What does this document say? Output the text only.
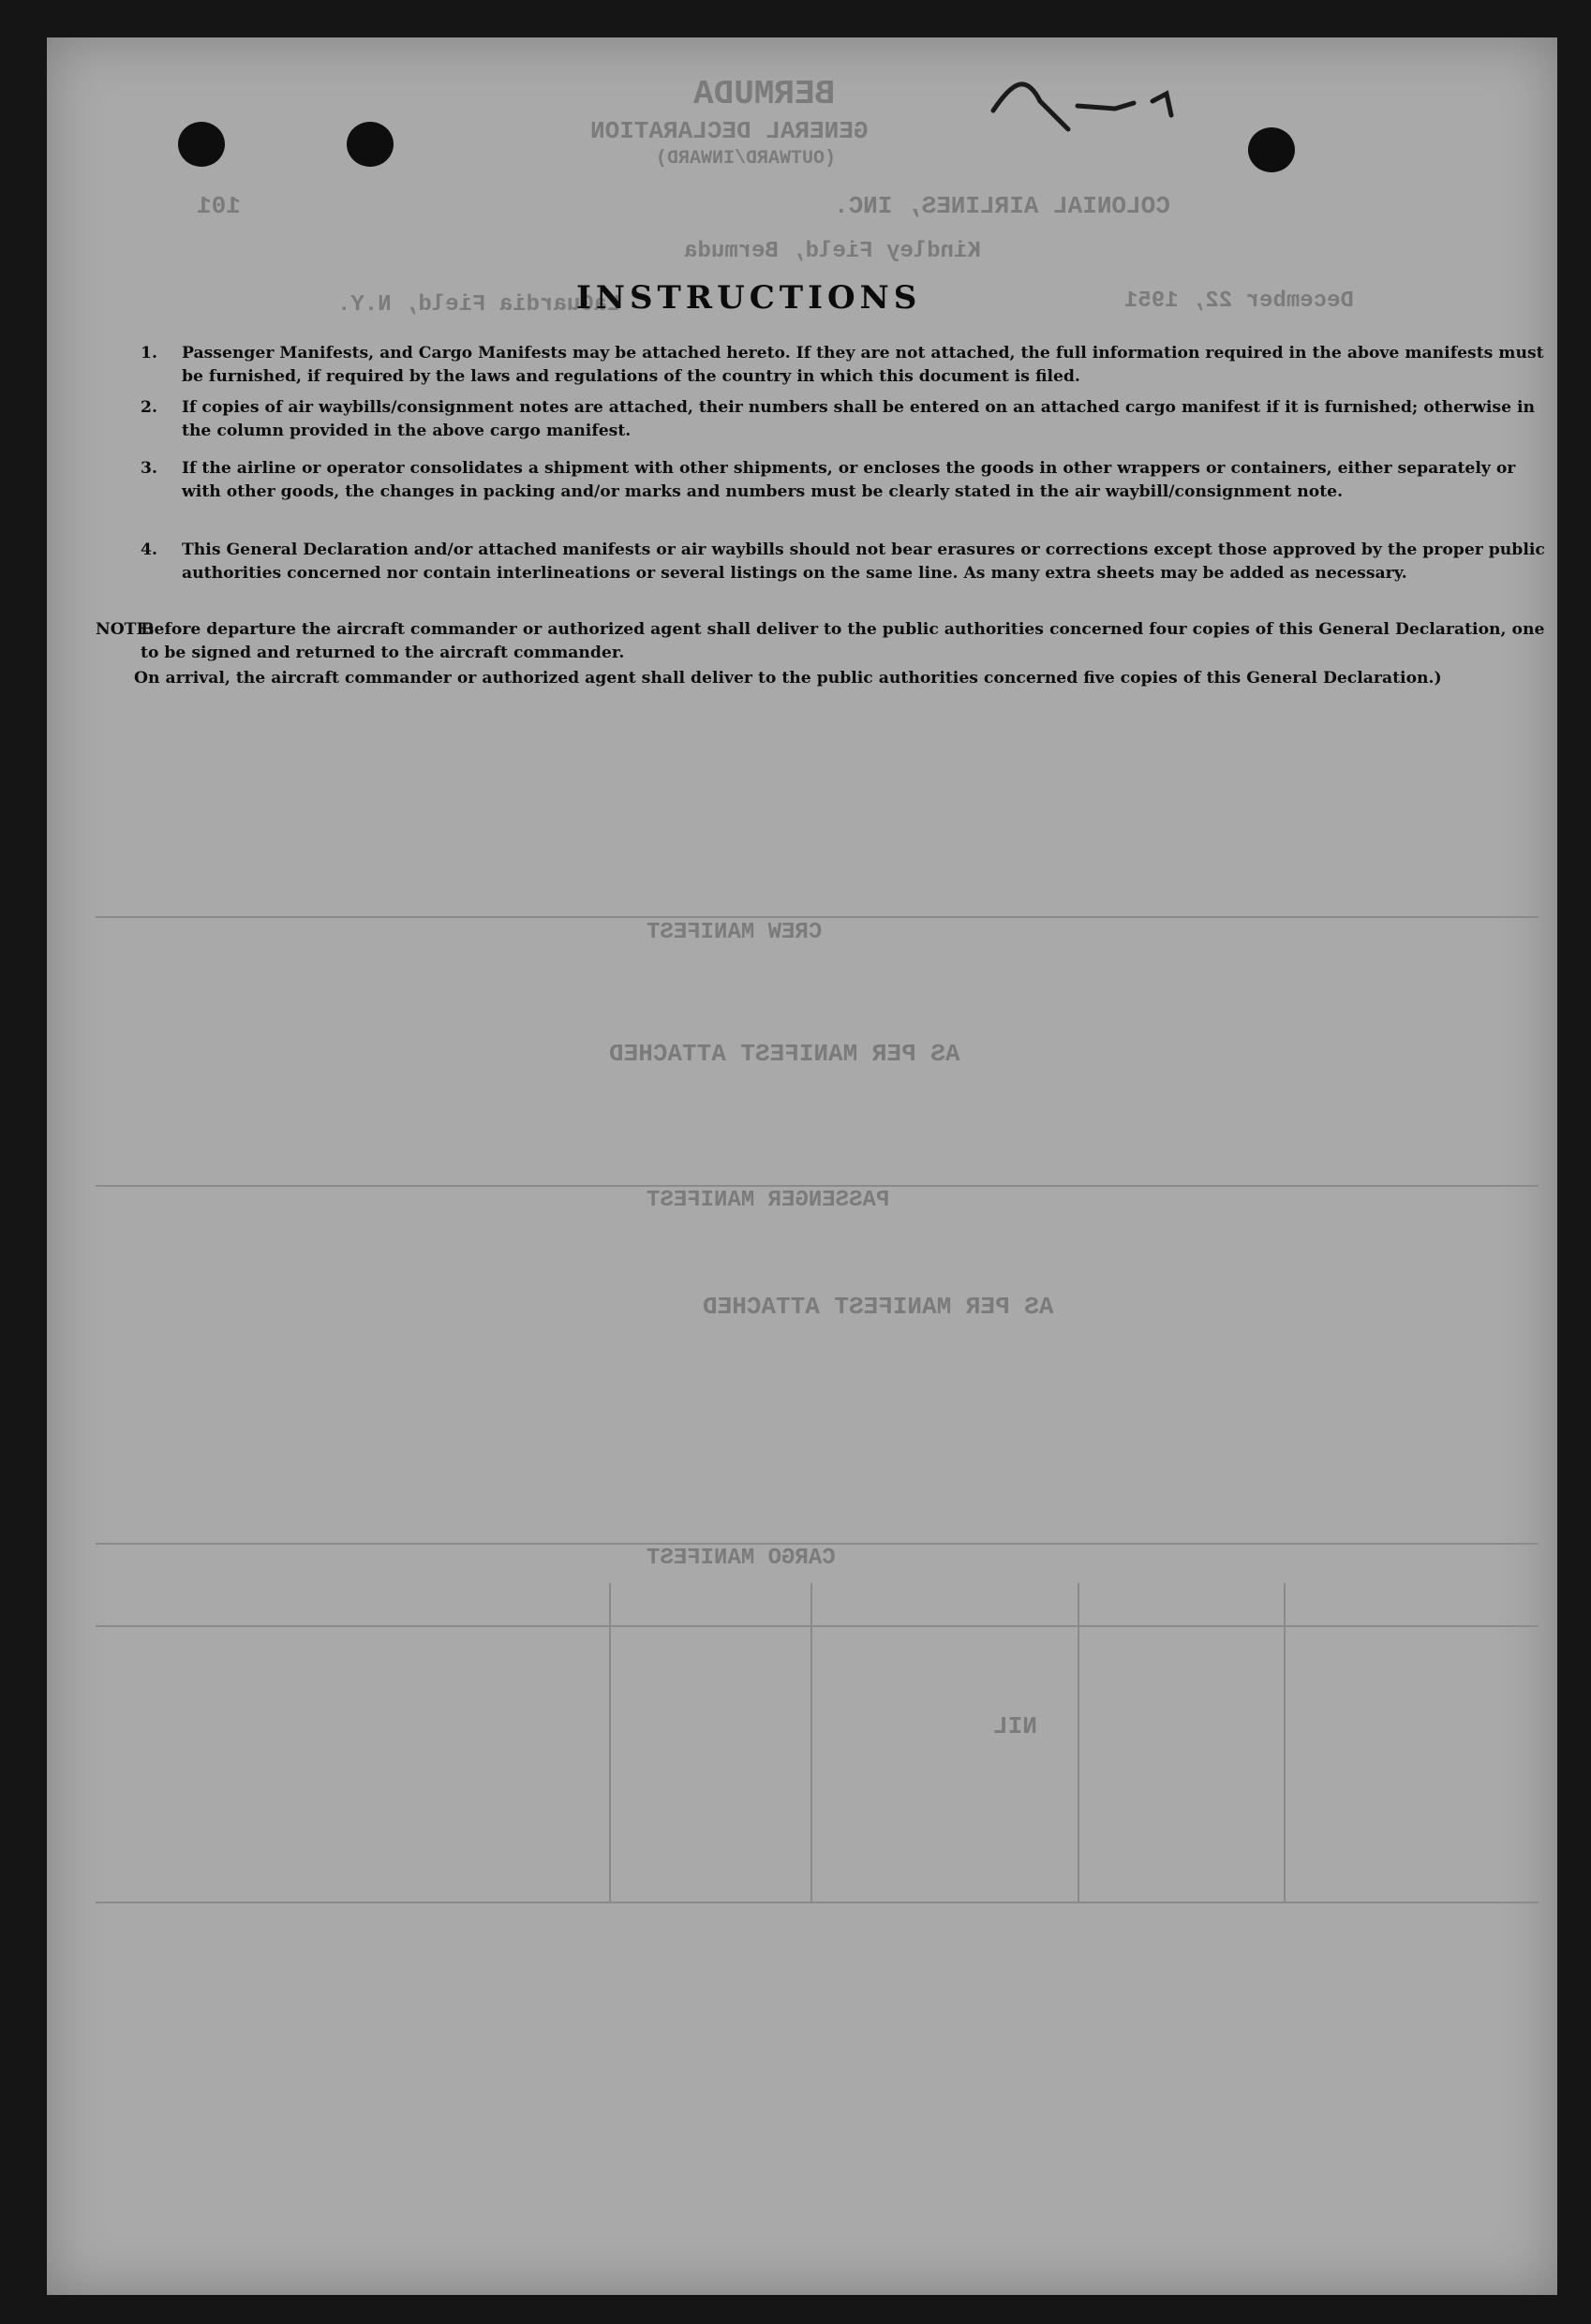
BERMUDA
GENERAL DECLARATION
(OUTWARD/INWARD)
COLONIAL AIRLINES, INC.
101
Kindley Field, Bermuda
LaGuardia Field, N.Y.	December 22, 1951
CREW MANIFEST
AS PER MANIFEST ATTACHED
PASSENGER MANIFEST
AS PER MANIFEST ATTACHED
CARGO MANIFEST
NIL
INSTRUCTIONS
1. Passenger Manifests, and Cargo Manifests may be attached hereto. If they are not attached, the full information required in the above manifests must be furnished, if required by the laws and regulations of the country in which this document is filed.
2. If copies of air waybills/consignment notes are attached, their numbers shall be entered on an attached cargo manifest if it is furnished; otherwise in the column provided in the above cargo manifest.
3. If the airline or operator consolidates a shipment with other shipments, or encloses the goods in other wrappers or containers, either separately or with other goods, the changes in packing and/or marks and numbers must be clearly stated in the air waybill/consignment note.
4. This General Declaration and/or attached manifests or air waybills should not bear erasures or corrections except those approved by the proper public authorities concerned nor contain interlineations or several listings on the same line. As many extra sheets may be added as necessary.
NOTE:
Before departure the aircraft commander or authorized agent shall deliver to the public authorities concerned four copies of this General Declaration, one to be signed and returned to the aircraft commander.
On arrival, the aircraft commander or authorized agent shall deliver to the public authorities concerned five copies of this General Declaration.)
